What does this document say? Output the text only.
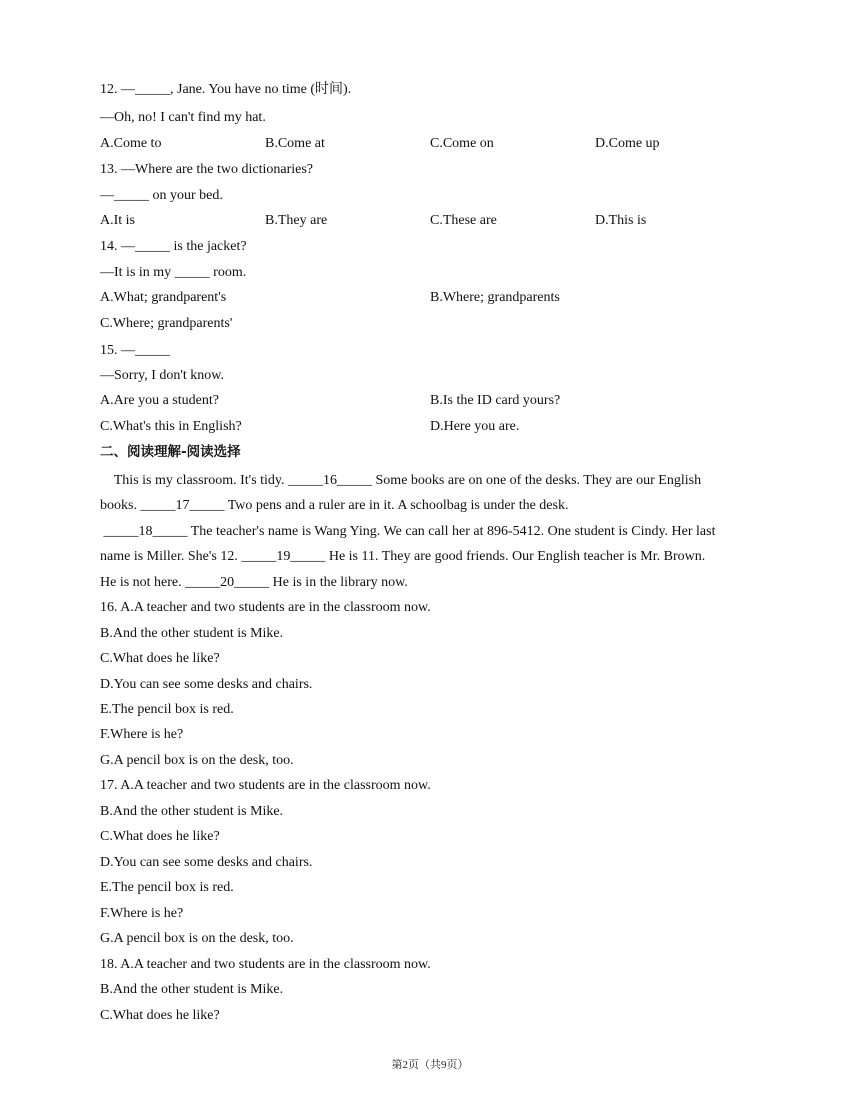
12. —_____, Jane. You have no time (时间).
—Oh, no! I can't find my hat.
A.Come to	B.Come at	C.Come on	D.Come up
13. —Where are the two dictionaries?
—_____ on your bed.
A.It is	B.They are	C.These are	D.This is
14. —_____ is the jacket?
—It is in my _____ room.
A.What; grandparent's	B.Where; grandparents
C.Where; grandparents'
15. —_____
—Sorry, I don't know.
A.Are you a student?	B.Is the ID card yours?
C.What's this in English?	D.Here you are.
二、阅读理解-阅读选择
This is my classroom. It's tidy. _____16_____ Some books are on one of the desks. They are our English
books. _____17_____ Two pens and a ruler are in it. A schoolbag is under the desk.
_____18_____ The teacher's name is Wang Ying. We can call her at 896-5412. One student is Cindy. Her last
name is Miller. She's 12. _____19_____ He is 11. They are good friends. Our English teacher is Mr. Brown.
He is not here. _____20_____ He is in the library now.
16. A.A teacher and two students are in the classroom now.
B.And the other student is Mike.
C.What does he like?
D.You can see some desks and chairs.
E.The pencil box is red.
F.Where is he?
G.A pencil box is on the desk, too.
17. A.A teacher and two students are in the classroom now.
B.And the other student is Mike.
C.What does he like?
D.You can see some desks and chairs.
E.The pencil box is red.
F.Where is he?
G.A pencil box is on the desk, too.
18. A.A teacher and two students are in the classroom now.
B.And the other student is Mike.
C.What does he like?
第2页（共9页）
